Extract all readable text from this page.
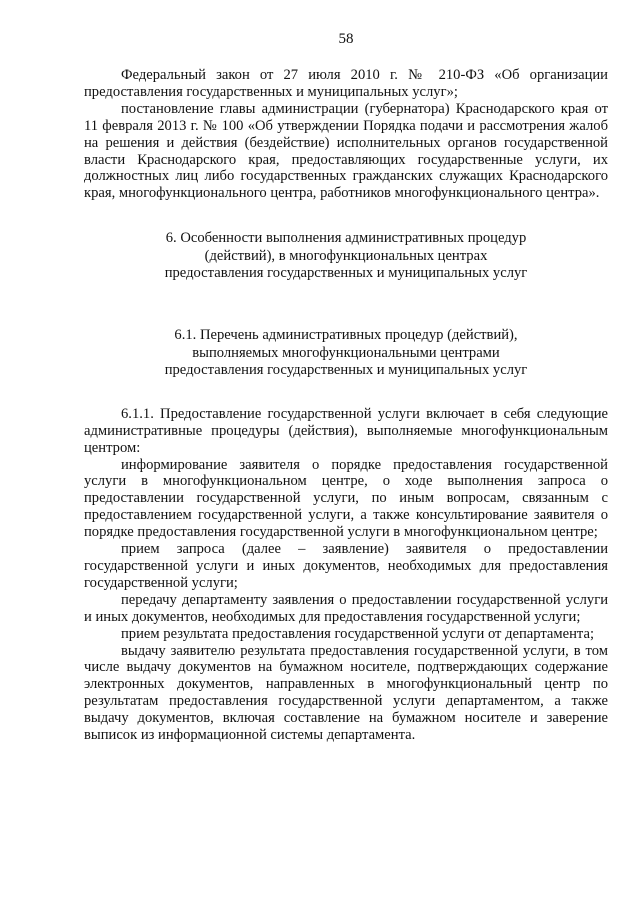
58

Федеральный закон от 27 июля 2010 г. № 210-ФЗ «Об организации предоставления государственных и муниципальных услуг»;

постановление главы администрации (губернатора) Краснодарского края от 11 февраля 2013 г. № 100 «Об утверждении Порядка подачи и рассмотрения жалоб на решения и действия (бездействие) исполнительных органов государственной власти Краснодарского края, предоставляющих государственные услуги, их должностных лиц либо государственных гражданских служащих Краснодарского края, многофункционального центра, работников многофункционального центра».

6. Особенности выполнения административных процедур
(действий), в многофункциональных центрах
предоставления государственных и муниципальных услуг
6.1. Перечень административных процедур (действий),
выполняемых многофункциональными центрами
предоставления государственных и муниципальных услуг

6.1.1. Предоставление государственной услуги включает в себя следующие административные процедуры (действия), выполняемые многофункциональным центром:

информирование заявителя о порядке предоставления государственной услуги в многофункциональном центре, о ходе выполнения запроса о предоставлении государственной услуги, по иным вопросам, связанным с предоставлением государственной услуги, а также консультирование заявителя о порядке предоставления государственной услуги в многофункциональном центре;

прием запроса (далее – заявление) заявителя о предоставлении государственной услуги и иных документов, необходимых для предоставления государственной услуги;

передачу департаменту заявления о предоставлении государственной услуги и иных документов, необходимых для предоставления государственной услуги;

прием результата предоставления государственной услуги от департамента;

выдачу заявителю результата предоставления государственной услуги, в том числе выдачу документов на бумажном носителе, подтверждающих содержание электронных документов, направленных в многофункциональный центр по результатам предоставления государственной услуги департаментом, а также выдачу документов, включая составление на бумажном носителе и заверение выписок из информационной системы департамента.
